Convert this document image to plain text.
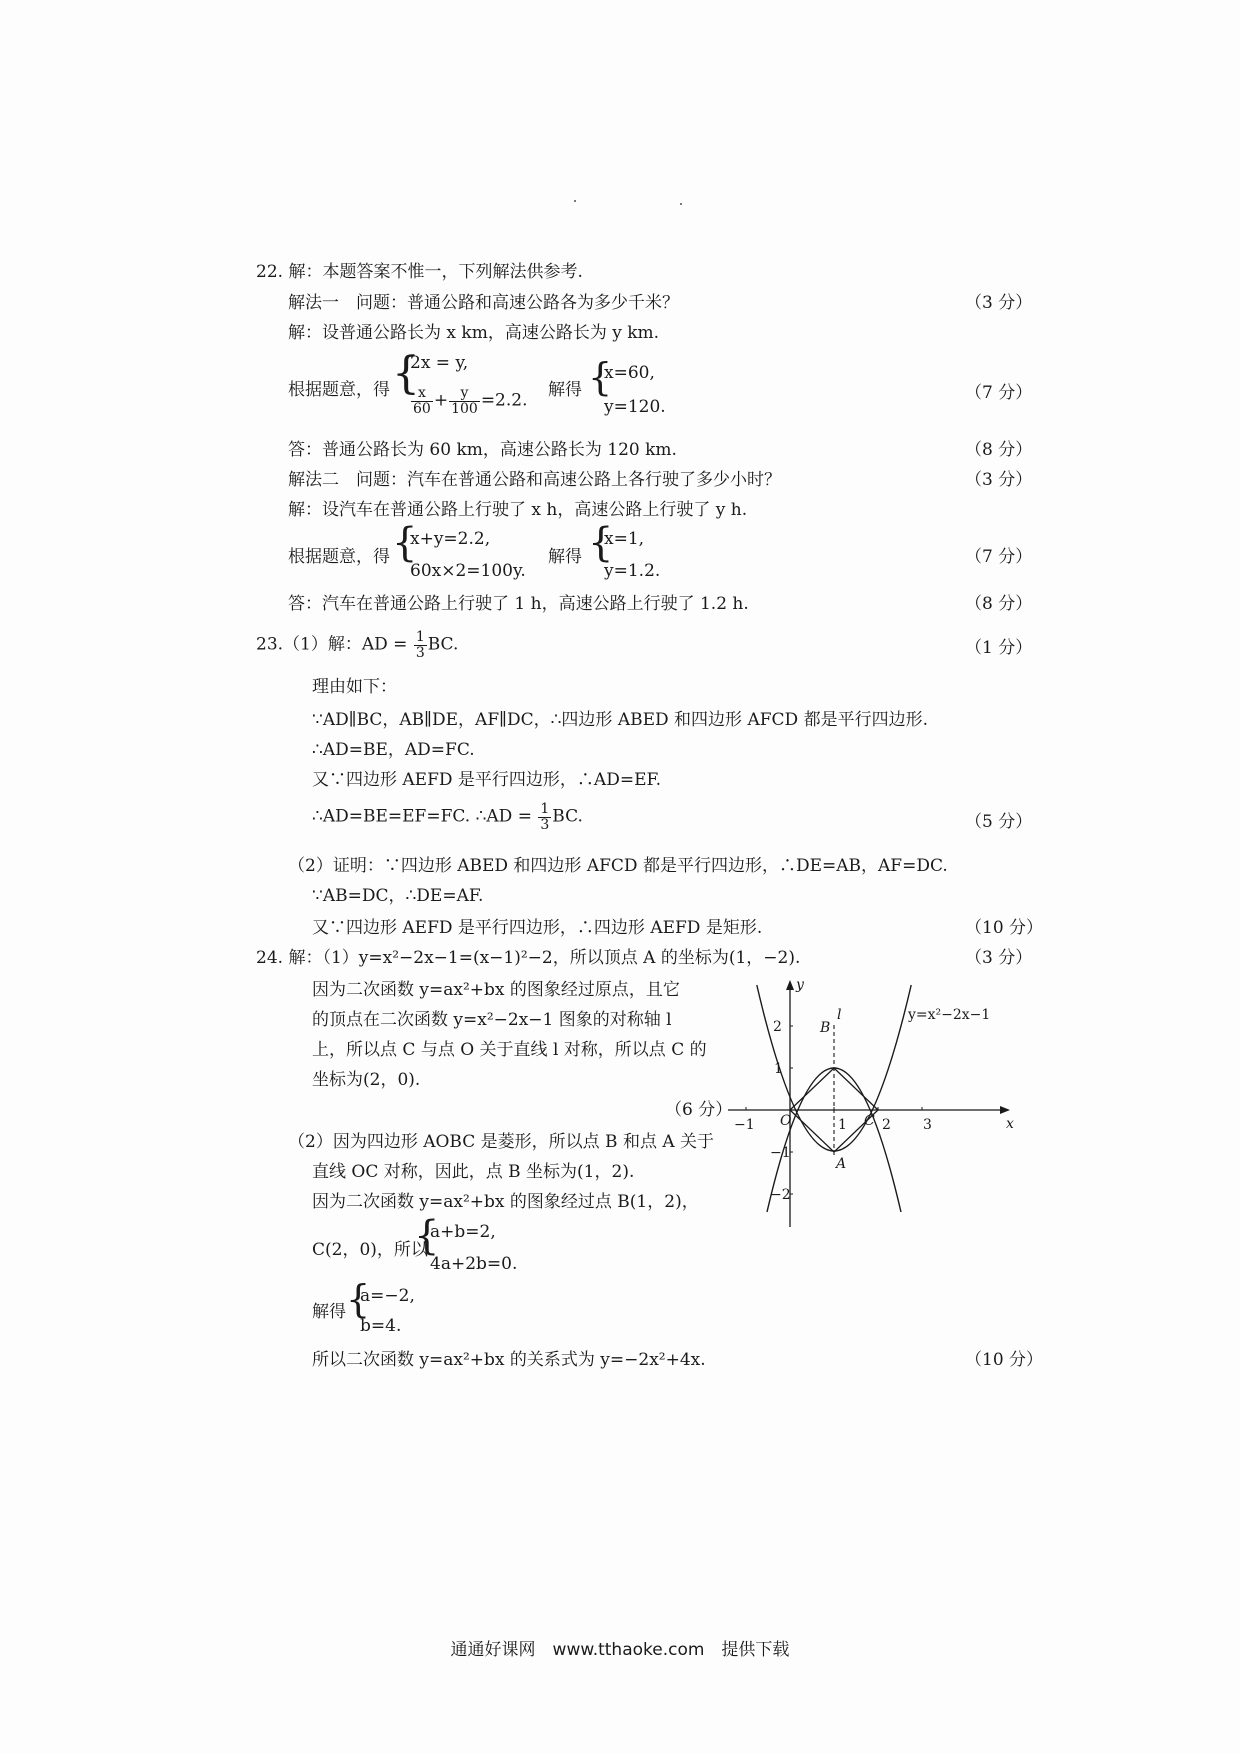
22. 解：本题答案不惟一，下列解法供参考.
解法一　问题：普通公路和高速公路各为多少千米？	（3 分）
解：设普通公路长为 x km，高速公路长为 y km.
根据题意，得 {
2x = y,
$\frac{x}{60} + \frac{y}{100} =2.2$.
解得 {
x=60,
y=120.
（7 分）
答：普通公路长为 60 km，高速公路长为 120 km.	（8 分）
解法二　问题：汽车在普通公路和高速公路上各行驶了多少小时？	（3 分）
解：设汽车在普通公路上行驶了 x h，高速公路上行驶了 y h.
根据题意，得 {
x+y=2.2,
60x×2=100y.
解得 {
x=1,
y=1.2.
（7 分）
答：汽车在普通公路上行驶了 1 h，高速公路上行驶了 1.2 h.	（8 分）
23.（1）解：AD = $\frac{1}{3}$ BC.	（1 分）
理由如下：
∵AD∥BC，AB∥DE，AF∥DC，∴四边形 ABED 和四边形 AFCD 都是平行四边形.
∴AD=BE，AD=FC.
又∵四边形 AEFD 是平行四边形，∴AD=EF.
∴AD=BE=EF=FC. ∴AD = $\frac{1}{3}$ BC.	（5 分）
（2）证明：∵四边形 ABED 和四边形 AFCD 都是平行四边形，∴DE=AB，AF=DC.
∵AB=DC，∴DE=AF.
又∵四边形 AEFD 是平行四边形，∴四边形 AEFD 是矩形.	（10 分）
24. 解：（1）y=x²−2x−1=(x−1)²−2，所以顶点 A 的坐标为(1，−2).	（3 分）
因为二次函数 y=ax²+bx 的图象经过原点，且它
的顶点在二次函数 y=x²−2x−1 图象的对称轴 l
上，所以点 C 与点 O 关于直线 l 对称，所以点 C 的
坐标为(2，0).
（6 分）
（2）因为四边形 AOBC 是菱形，所以点 B 和点 A 关于
直线 OC 对称，因此，点 B 坐标为(1，2).
因为二次函数 y=ax²+bx 的图象经过点 B(1，2)，
C(2，0)，所以
{
a+b=2,
4a+2b=0.
解得 {
a=−2,
b=4.
所以二次函数 y=ax²+bx 的关系式为 y=−2x²+4x.	（10 分）
−1	1	2 3
2
1
−1
−2
x
y
O
A
B
C
l	y=x²−2x−1
通通好课网　www.tthaoke.com　提供下载
